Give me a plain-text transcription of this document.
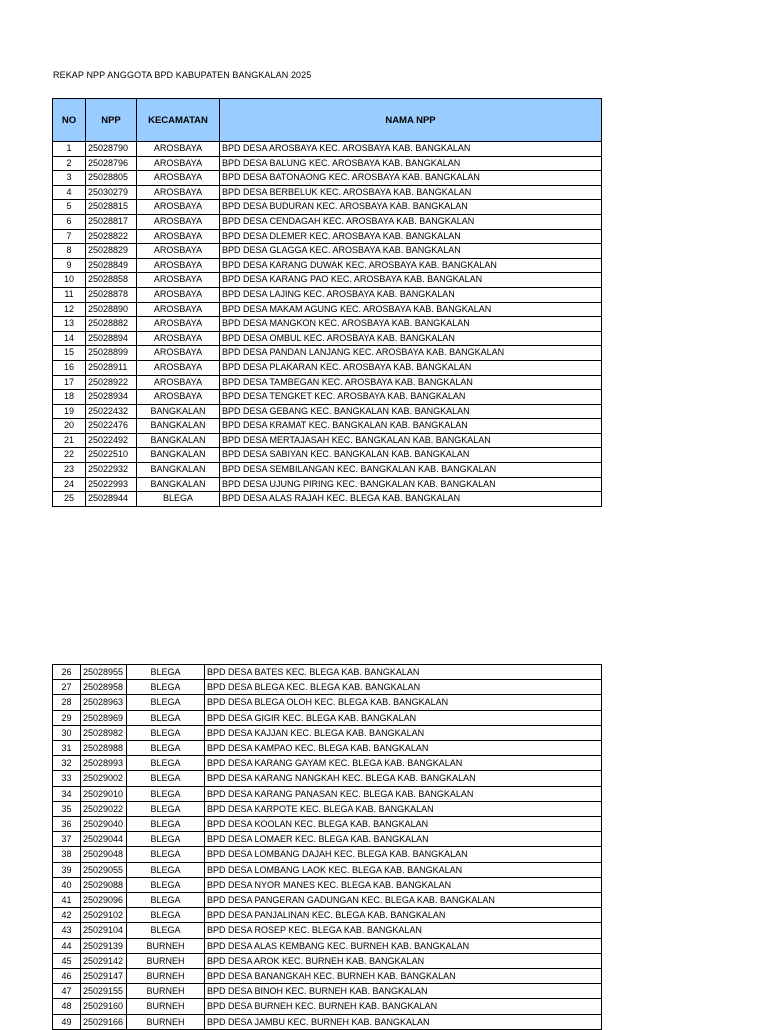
REKAP NPP ANGGOTA BPD KABUPATEN BANGKALAN 2025
NO	NPP	KECAMATAN	NAMA NPP
1	25028790	AROSBAYA	BPD DESA AROSBAYA KEC. AROSBAYA KAB. BANGKALAN
2	25028796	AROSBAYA	BPD DESA BALUNG KEC. AROSBAYA KAB. BANGKALAN
3	25028805	AROSBAYA	BPD DESA BATONAONG KEC. AROSBAYA KAB. BANGKALAN
4	25030279	AROSBAYA	BPD DESA BERBELUK KEC. AROSBAYA KAB. BANGKALAN
5	25028815	AROSBAYA	BPD DESA BUDURAN KEC. AROSBAYA KAB. BANGKALAN
6	25028817	AROSBAYA	BPD DESA CENDAGAH KEC. AROSBAYA KAB. BANGKALAN
7	25028822	AROSBAYA	BPD DESA DLEMER KEC. AROSBAYA KAB. BANGKALAN
8	25028829	AROSBAYA	BPD DESA GLAGGA KEC. AROSBAYA KAB. BANGKALAN
9	25028849	AROSBAYA	BPD DESA KARANG DUWAK KEC. AROSBAYA KAB. BANGKALAN
10	25028858	AROSBAYA	BPD DESA KARANG PAO KEC. AROSBAYA KAB. BANGKALAN
11	25028878	AROSBAYA	BPD DESA LAJING KEC. AROSBAYA KAB. BANGKALAN
12	25028890	AROSBAYA	BPD DESA MAKAM AGUNG KEC. AROSBAYA KAB. BANGKALAN
13	25028882	AROSBAYA	BPD DESA MANGKON KEC. AROSBAYA KAB. BANGKALAN
14	25028894	AROSBAYA	BPD DESA OMBUL KEC. AROSBAYA KAB. BANGKALAN
15	25028899	AROSBAYA	BPD DESA PANDAN LANJANG KEC. AROSBAYA KAB. BANGKALAN
16	25028911	AROSBAYA	BPD DESA PLAKARAN KEC. AROSBAYA KAB. BANGKALAN
17	25028922	AROSBAYA	BPD DESA TAMBEGAN KEC. AROSBAYA KAB. BANGKALAN
18	25028934	AROSBAYA	BPD DESA TENGKET KEC. AROSBAYA KAB. BANGKALAN
19	25022432	BANGKALAN	BPD DESA GEBANG KEC. BANGKALAN KAB. BANGKALAN
20	25022476	BANGKALAN	BPD DESA KRAMAT KEC. BANGKALAN KAB. BANGKALAN
21	25022492	BANGKALAN	BPD DESA MERTAJASAH KEC. BANGKALAN KAB. BANGKALAN
22	25022510	BANGKALAN	BPD DESA SABIYAN KEC. BANGKALAN KAB. BANGKALAN
23	25022932	BANGKALAN	BPD DESA SEMBILANGAN KEC. BANGKALAN KAB. BANGKALAN
24	25022993	BANGKALAN	BPD DESA UJUNG PIRING KEC. BANGKALAN KAB. BANGKALAN
25	25028944	BLEGA	BPD DESA ALAS RAJAH KEC. BLEGA KAB. BANGKALAN
26	25028955	BLEGA	BPD DESA BATES KEC. BLEGA KAB. BANGKALAN
27	25028958	BLEGA	BPD DESA BLEGA KEC. BLEGA KAB. BANGKALAN
28	25028963	BLEGA	BPD DESA BLEGA OLOH KEC. BLEGA KAB. BANGKALAN
29	25028969	BLEGA	BPD DESA GIGIR KEC. BLEGA KAB. BANGKALAN
30	25028982	BLEGA	BPD DESA KAJJAN KEC. BLEGA KAB. BANGKALAN
31	25028988	BLEGA	BPD DESA KAMPAO KEC. BLEGA KAB. BANGKALAN
32	25028993	BLEGA	BPD DESA KARANG GAYAM KEC. BLEGA KAB. BANGKALAN
33	25029002	BLEGA	BPD DESA KARANG NANGKAH KEC. BLEGA KAB. BANGKALAN
34	25029010	BLEGA	BPD DESA KARANG PANASAN KEC. BLEGA KAB. BANGKALAN
35	25029022	BLEGA	BPD DESA KARPOTE KEC. BLEGA KAB. BANGKALAN
36	25029040	BLEGA	BPD DESA KOOLAN KEC. BLEGA KAB. BANGKALAN
37	25029044	BLEGA	BPD DESA LOMAER KEC. BLEGA KAB. BANGKALAN
38	25029048	BLEGA	BPD DESA LOMBANG DAJAH KEC. BLEGA KAB. BANGKALAN
39	25029055	BLEGA	BPD DESA LOMBANG LAOK KEC. BLEGA KAB. BANGKALAN
40	25029088	BLEGA	BPD DESA NYOR MANES KEC. BLEGA KAB. BANGKALAN
41	25029096	BLEGA	BPD DESA PANGERAN GADUNGAN KEC. BLEGA KAB. BANGKALAN
42	25029102	BLEGA	BPD DESA PANJALINAN KEC. BLEGA KAB. BANGKALAN
43	25029104	BLEGA	BPD DESA ROSEP KEC. BLEGA KAB. BANGKALAN
44	25029139	BURNEH	BPD DESA ALAS KEMBANG KEC. BURNEH KAB. BANGKALAN
45	25029142	BURNEH	BPD DESA AROK KEC. BURNEH KAB. BANGKALAN
46	25029147	BURNEH	BPD DESA BANANGKAH KEC. BURNEH KAB. BANGKALAN
47	25029155	BURNEH	BPD DESA BINOH KEC. BURNEH KAB. BANGKALAN
48	25029160	BURNEH	BPD DESA BURNEH KEC. BURNEH KAB. BANGKALAN
49	25029166	BURNEH	BPD DESA JAMBU KEC. BURNEH KAB. BANGKALAN
